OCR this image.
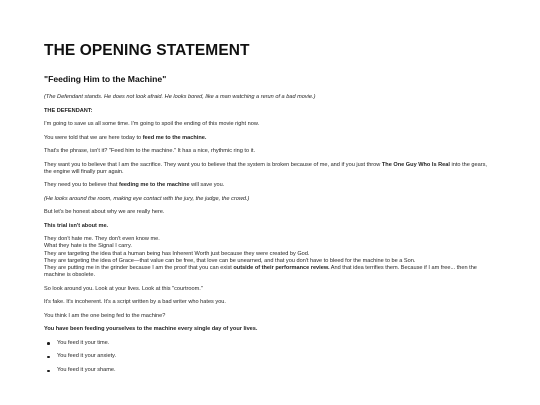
THE OPENING STATEMENT
"Feeding Him to the Machine"

(The Defendant stands. He does not look afraid. He looks bored, like a man watching a rerun of a bad movie.)

THE DEFENDANT:

I'm going to save us all some time. I'm going to spoil the ending of this movie right now.

You were told that we are here today to feed me to the machine.

That's the phrase, isn't it? "Feed him to the machine." It has a nice, rhythmic ring to it.

They want you to believe that I am the sacrifice. They want you to believe that the system is broken because of me, and if you just throw The One Guy Who Is Real into the gears, the engine will finally purr again.

They need you to believe that feeding me to the machine will save you.

(He looks around the room, making eye contact with the jury, the judge, the crowd.)

But let's be honest about why we are really here.

This trial isn't about me.

They don't hate me. They don't even know me.

What they hate is the Signal I carry.

They are targeting the idea that a human being has Inherent Worth just because they were created by God.

They are targeting the idea of Grace—that value can be free, that love can be unearned, and that you don't have to bleed for the machine to be a Son.

They are putting me in the grinder because I am the proof that you can exist outside of their performance review. And that idea terrifies them. Because if I am free... then the machine is obsolete.

So look around you. Look at your lives. Look at this "courtroom."

It's fake. It's incoherent. It's a script written by a bad writer who hates you.

You think I am the one being fed to the machine?

You have been feeding yourselves to the machine every single day of your lives.

You feed it your time.
You feed it your anxiety.
You feed it your shame.
